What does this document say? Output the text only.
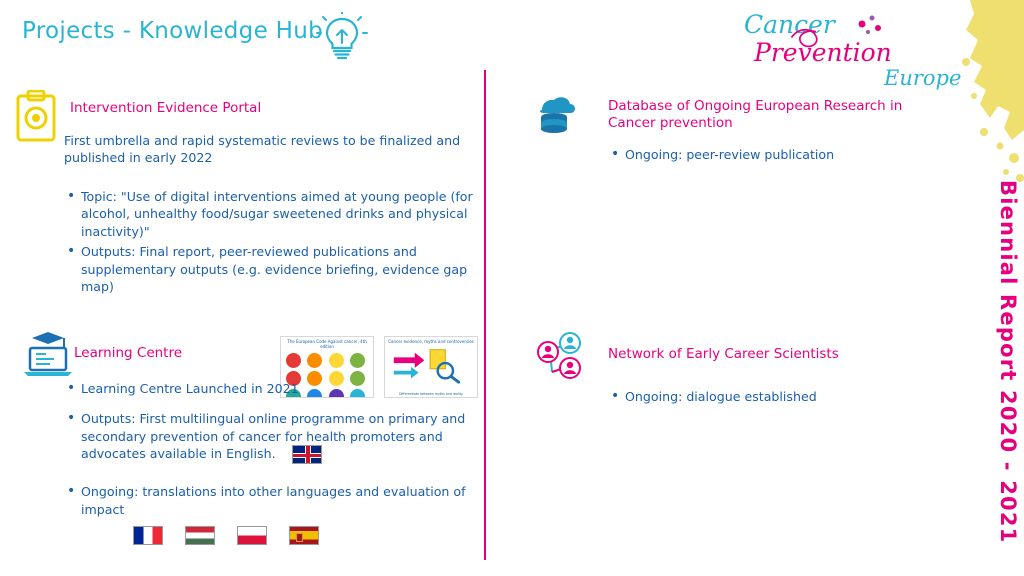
Projects - Knowledge Hub	Cancer
Prevention
Europe
Biennial Report 2020 - 2021
Intervention Evidence Portal
First umbrella and rapid systematic reviews to be finalized and published in early 2022
• Topic: "Use of digital interventions aimed at young people (for alcohol, unhealthy food/sugar sweetened drinks and physical inactivity)"
• Outputs: Final report, peer-reviewed publications and supplementary outputs (e.g. evidence briefing, evidence gap map)
Database of Ongoing European Research in Cancer prevention
• Ongoing: peer-review publication
Learning Centre
The European Code Against cancer, 4th edition
Cancer evidence, myths and controversies
Differentiate between myths and reality
• Learning Centre Launched in 2021
• Outputs: First multilingual online programme on primary and secondary prevention of cancer for health promoters and advocates available in English.
• Ongoing: translations into other languages and evaluation of impact

Network of Early Career Scientists
• Ongoing: dialogue established
